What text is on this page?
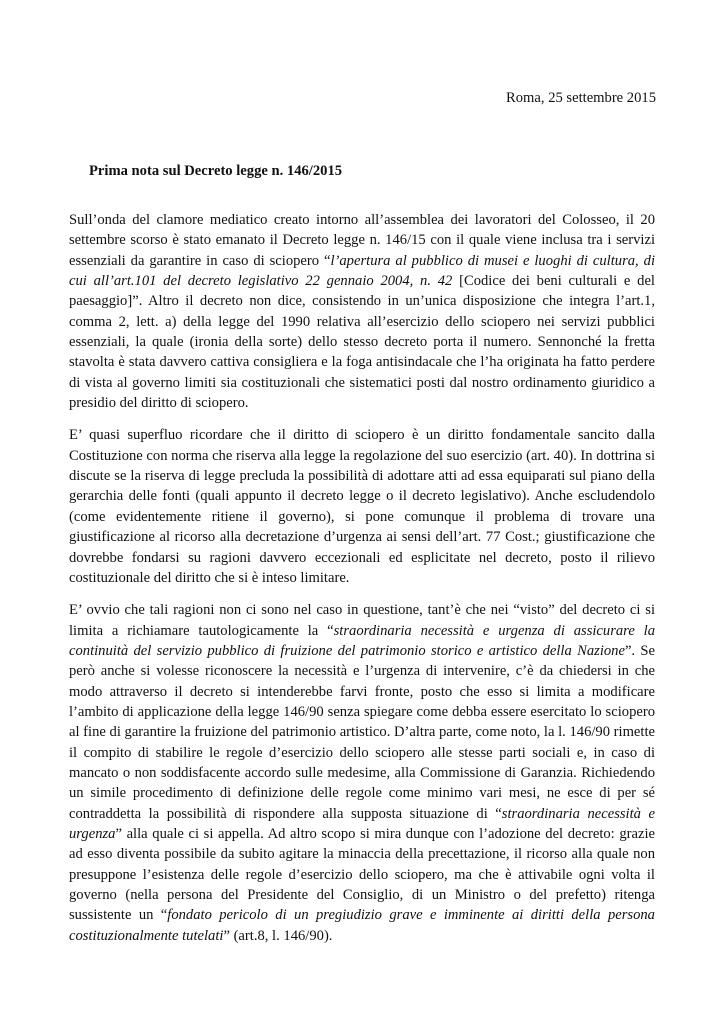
Roma, 25 settembre 2015
Prima nota sul Decreto legge n. 146/2015

Sull’onda del clamore mediatico creato intorno all’assemblea dei lavoratori del Colosseo, il 20 settembre scorso è stato emanato il Decreto legge n. 146/15 con il quale viene inclusa tra i servizi essenziali da garantire in caso di sciopero “l’apertura al pubblico di musei e luoghi di cultura, di cui all’art.101 del decreto legislativo 22 gennaio 2004, n. 42 [Codice dei beni culturali e del paesaggio]”. Altro il decreto non dice, consistendo in un’unica disposizione che integra l’art.1, comma 2, lett. a) della legge del 1990 relativa all’esercizio dello sciopero nei servizi pubblici essenziali, la quale (ironia della sorte) dello stesso decreto porta il numero. Sennonché la fretta stavolta è stata davvero cattiva consigliera e la foga antisindacale che l’ha originata ha fatto perdere di vista al governo limiti sia costituzionali che sistematici posti dal nostro ordinamento giuridico a presidio del diritto di sciopero.

E’ quasi superfluo ricordare che il diritto di sciopero è un diritto fondamentale sancito dalla Costituzione con norma che riserva alla legge la regolazione del suo esercizio (art. 40). In dottrina si discute se la riserva di legge precluda la possibilità di adottare atti ad essa equiparati sul piano della gerarchia delle fonti (quali appunto il decreto legge o il decreto legislativo). Anche escludendolo (come evidentemente ritiene il governo), si pone comunque il problema di trovare una giustificazione al ricorso alla decretazione d’urgenza ai sensi dell’art. 77 Cost.; giustificazione che dovrebbe fondarsi su ragioni davvero eccezionali ed esplicitate nel decreto, posto il rilievo costituzionale del diritto che si è inteso limitare.

E’ ovvio che tali ragioni non ci sono nel caso in questione, tant’è che nei “visto” del decreto ci si limita a richiamare tautologicamente la “straordinaria necessità e urgenza di assicurare la continuità del servizio pubblico di fruizione del patrimonio storico e artistico della Nazione”. Se però anche si volesse riconoscere la necessità e l’urgenza di intervenire, c’è da chiedersi in che modo attraverso il decreto si intenderebbe farvi fronte, posto che esso si limita a modificare l’ambito di applicazione della legge 146/90 senza spiegare come debba essere esercitato lo sciopero al fine di garantire la fruizione del patrimonio artistico. D’altra parte, come noto, la l. 146/90 rimette il compito di stabilire le regole d’esercizio dello sciopero alle stesse parti sociali e, in caso di mancato o non soddisfacente accordo sulle medesime, alla Commissione di Garanzia. Richiedendo un simile procedimento di definizione delle regole come minimo vari mesi, ne esce di per sé contraddetta la possibilità di rispondere alla supposta situazione di “straordinaria necessità e urgenza” alla quale ci si appella. Ad altro scopo si mira dunque con l’adozione del decreto: grazie ad esso diventa possibile da subito agitare la minaccia della precettazione, il ricorso alla quale non presuppone l’esistenza delle regole d’esercizio dello sciopero, ma che è attivabile ogni volta il governo (nella persona del Presidente del Consiglio, di un Ministro o del prefetto) ritenga sussistente un “fondato pericolo di un pregiudizio grave e imminente ai diritti della persona costituzionalmente tutelati” (art.8, l. 146/90).
